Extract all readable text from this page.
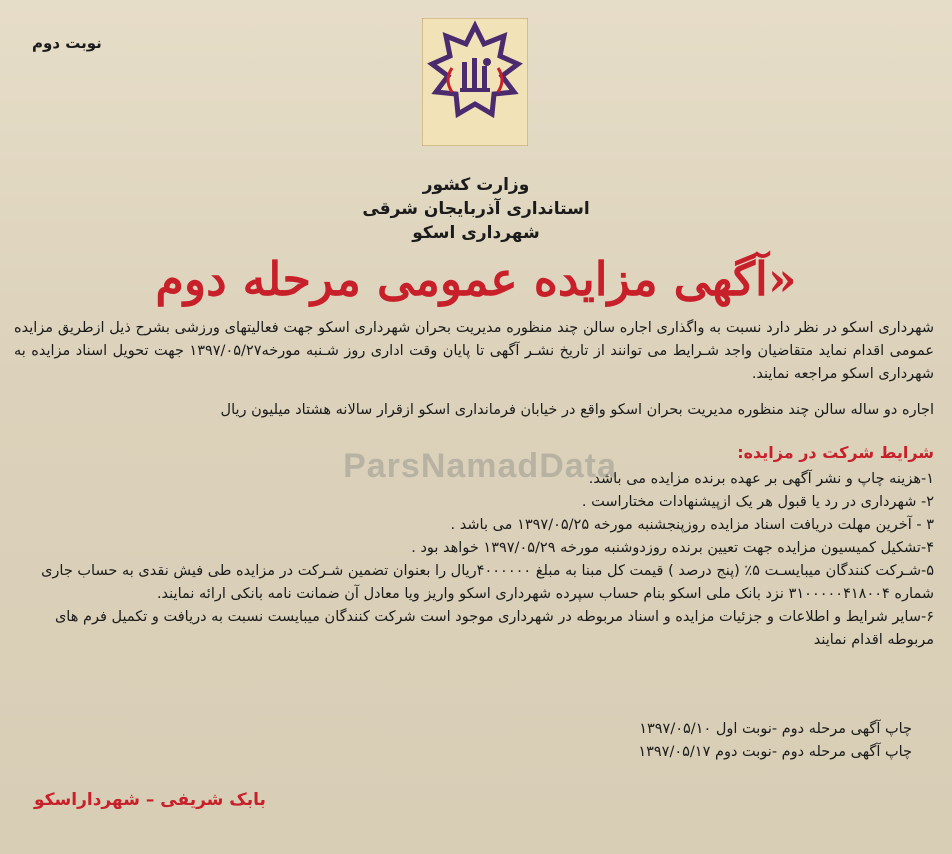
نوبت دوم
وزارت کشور
استانداری آذربایجان شرقی
شهرداری اسکو
«آگهی مزایده عمومی مرحله دوم
ParsNamadData
شهرداری اسکو در نظر دارد نسبت به واگذاری اجاره سالن چند منظوره مدیریت بحران شهرداری اسکو جهت فعالیتهای ورزشی بشرح ذیل ازطریق مزایده عمومی اقدام نماید متقاضیان واجد شـرایط می توانند از تاریخ نشـر آگهی تا پایان وقت اداری روز شـنبه مورخه۱۳۹۷/۰۵/۲۷ جهت تحویل اسناد مزایده به شهرداری اسکو مراجعه نمایند.
اجاره دو ساله سالن چند منظوره مدیریت بحران اسکو واقع در خیابان فرمانداری اسکو ازقرار سالانه هشتاد میلیون ریال
شرایط شرکت در مزایده:

۱-هزینه چاپ و نشر آگهی بر عهده برنده مزایده می باشد.

۲- شهرداری در رد یا قبول هر یک ازپیشنهادات مختاراست .

۳ - آخرین مهلت دریافت اسناد مزایده روزپنجشنبه مورخه ۱۳۹۷/۰۵/۲۵ می باشد .

۴-تشکیل کمیسیون مزایده جهت تعیین برنده روزدوشنبه مورخه ۱۳۹۷/۰۵/۲۹ خواهد بود .

۵-شـرکت کنندگان میبایسـت ۵٪ (پنج درصد ) قیمت کل مبنا به مبلغ ۴۰۰۰۰۰۰ریال را بعنوان تضمین شـرکت در مزایده طی فیش نقدی به حساب جاری شماره ۳۱۰۰۰۰۰۴۱۸۰۰۴ نزد بانک ملی اسکو بنام حساب سپرده شهرداری اسکو واریز ویا معادل آن ضمانت نامه بانکی ارائه نمایند.

۶-سایر شرایط و اطلاعات و جزئیات مزایده و اسناد مربوطه در شهرداری موجود است شرکت کنندگان میبایست نسبت به دریافت و تکمیل فرم های مربوطه اقدام نمایند

چاپ آگهی مرحله دوم -نوبت اول ۱۳۹۷/۰۵/۱۰

چاپ آگهی مرحله دوم -نوبت دوم ۱۳۹۷/۰۵/۱۷

بابک شریفی – شهرداراسکو
